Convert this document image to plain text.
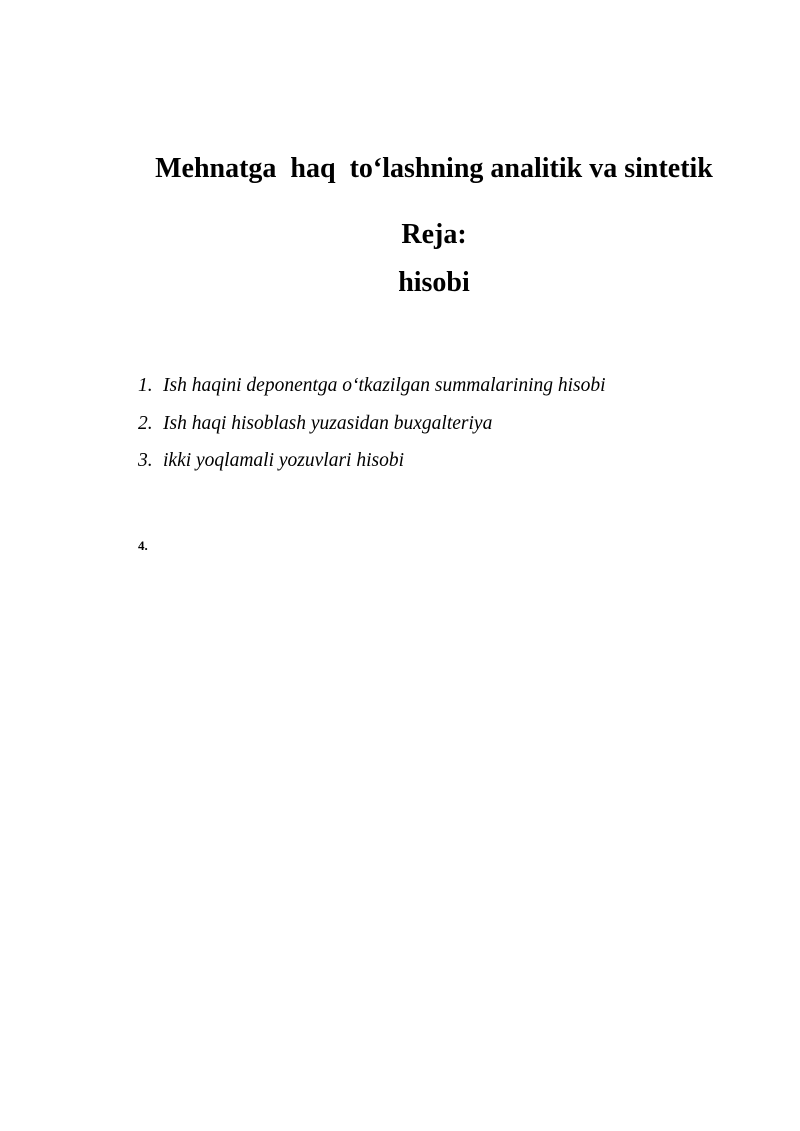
Mehnatga  haq  to‘lashning analitik va sintetik

hisobi

Reja:
1. Ish haqini deponentga o‘tkazilgan summalarining hisobi
2. Ish haqi hisoblash yuzasidan buxgalteriya
3. ikki yoqlamali yozuvlari hisobi

4.
